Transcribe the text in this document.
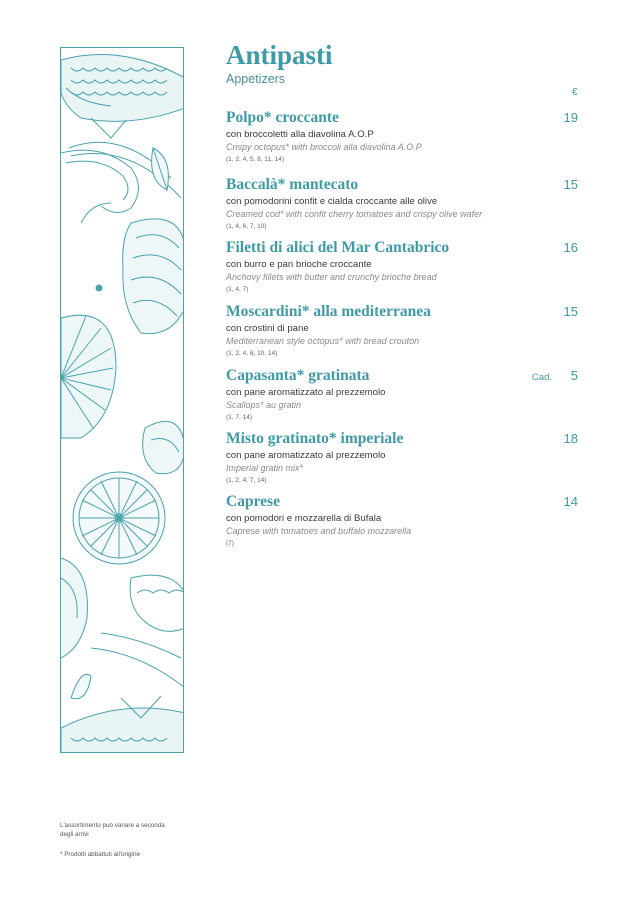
Antipasti
Appetizers
€
Polpo* croccante
con broccoletti alla diavolina A.O.P
Crispy octopus* with broccoli alla diavolina A.O.P
(1, 2, 4, 5, 8, 11, 14)
19
Baccalà* mantecato
con pomodorini confit e cialda croccante alle olive
Creamed cod* with confit cherry tomatoes and crispy olive wafer
(1, 4, 6, 7, 10)
15
Filetti di alici del Mar Cantabrico
con burro e pan brioche croccante
Anchovy fillets with butter and crunchy brioche bread
(1, 4, 7)
16
Moscardini* alla mediterranea
con crostini di pane
Mediterranean style octopus* with bread crouton
(1, 2, 4, 6, 10, 14)
15
Capasanta* gratinata
con pane aromatizzato al prezzemolo
Scallops* au gratin
(1, 7, 14)
Cad. 5
Misto gratinato* imperiale
con pane aromatizzato al prezzemolo
Imperial gratin mix*
(1, 2, 4, 7, 14)
18
Caprese
con pomodori e mozzarella di Bufala
Caprese with tomatoes and buffalo mozzarella
(7)
14
L'assortimento può variare a seconda
degli arrivi
* Prodotti abbattuti all'origine
